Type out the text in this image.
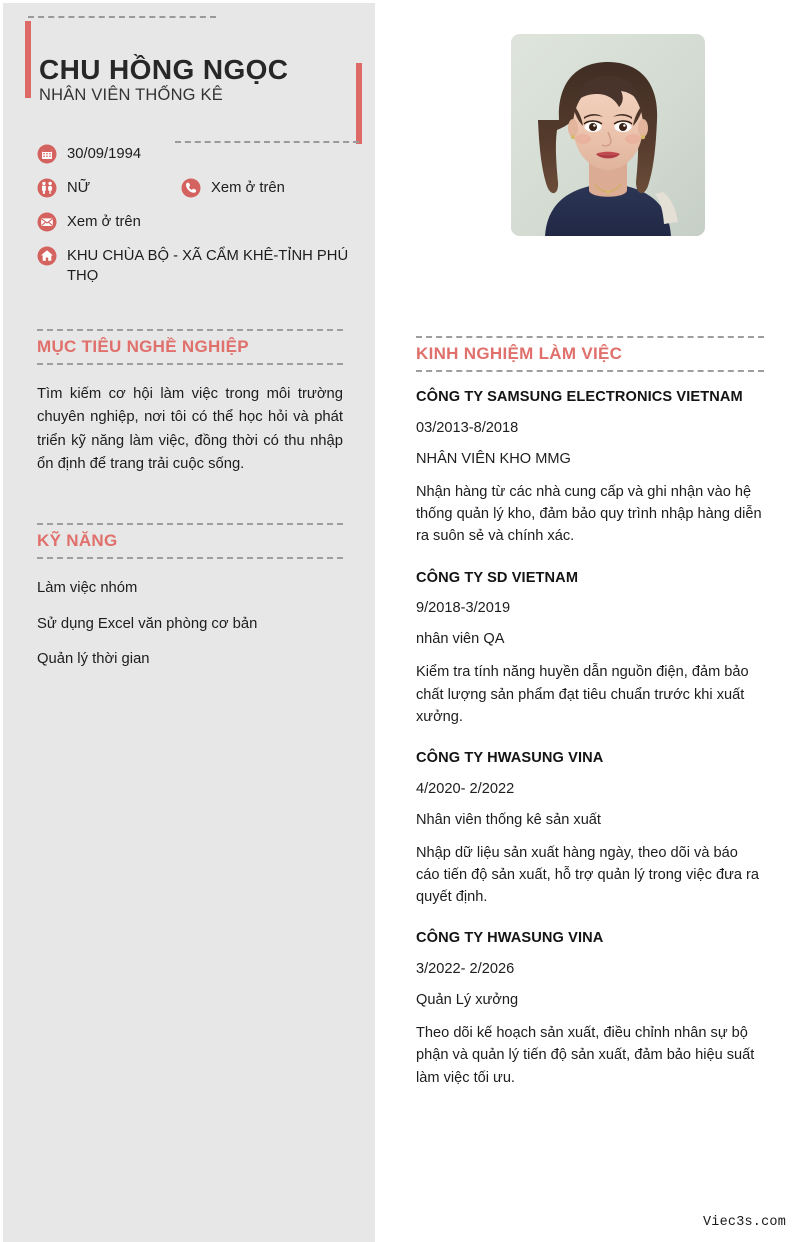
CHU HỒNG NGỌC
NHÂN VIÊN THỐNG KÊ
30/09/1994
NỮ	Xem ở trên
Xem ở trên
KHU CHÙA BỘ - XÃ CẨM KHÊ-TỈNH PHÚ THỌ
MỤC TIÊU NGHỀ NGHIỆP

Tìm kiếm cơ hội làm việc trong môi trường chuyên nghiệp, nơi tôi có thể học hỏi và phát triển kỹ năng làm việc, đồng thời có thu nhập ổn định để trang trải cuộc sống.

KỸ NĂNG
Làm việc nhóm
Sử dụng Excel văn phòng cơ bản
Quản lý thời gian
KINH NGHIỆM LÀM VIỆC
CÔNG TY SAMSUNG ELECTRONICS VIETNAM
03/2013-8/2018
NHÂN VIÊN KHO MMG

Nhận hàng từ các nhà cung cấp và ghi nhận vào hệ thống quản lý kho, đảm bảo quy trình nhập hàng diễn ra suôn sẻ và chính xác.

CÔNG TY SD VIETNAM
9/2018-3/2019
nhân viên QA

Kiểm tra tính năng huyền dẫn nguồn điện, đảm bảo chất lượng sản phẩm đạt tiêu chuẩn trước khi xuất xưởng.

CÔNG TY HWASUNG VINA
4/2020- 2/2022
Nhân viên thống kê sản xuất

Nhập dữ liệu sản xuất hàng ngày, theo dõi và báo cáo tiến độ sản xuất, hỗ trợ quản lý trong việc đưa ra quyết định.

CÔNG TY HWASUNG VINA
3/2022- 2/2026
Quản Lý xưởng

Theo dõi kế hoạch sản xuất, điều chỉnh nhân sự bộ phận và quản lý tiến độ sản xuất, đảm bảo hiệu suất làm việc tối ưu.

Viec3s.com
